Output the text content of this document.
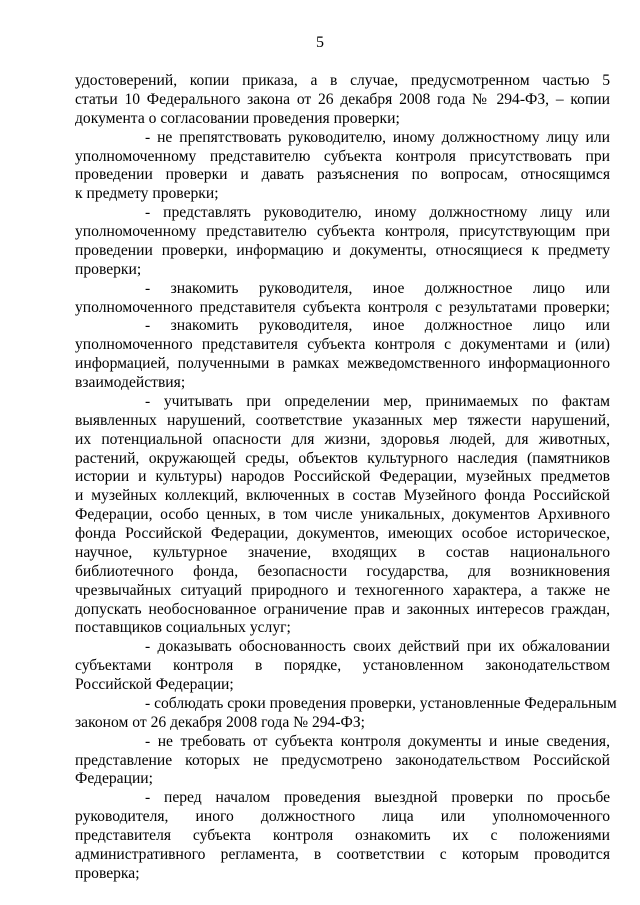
5
удостоверений, копии приказа, а в случае, предусмотренном частью 5
статьи 10 Федерального закона от 26 декабря 2008 года № 294-ФЗ, – копии
документа о согласовании проведения проверки;
- не препятствовать руководителю, иному должностному лицу или
уполномоченному представителю субъекта контроля присутствовать при
проведении проверки и давать разъяснения по вопросам, относящимся
к предмету проверки;
- представлять руководителю, иному должностному лицу или
уполномоченному представителю субъекта контроля, присутствующим при
проведении проверки, информацию и документы, относящиеся к предмету
проверки;
- знакомить руководителя, иное должностное лицо или
уполномоченного представителя субъекта контроля с результатами проверки;
- знакомить руководителя, иное должностное лицо или
уполномоченного представителя субъекта контроля с документами и (или)
информацией, полученными в рамках межведомственного информационного
взаимодействия;
- учитывать при определении мер, принимаемых по фактам
выявленных нарушений, соответствие указанных мер тяжести нарушений,
их потенциальной опасности для жизни, здоровья людей, для животных,
растений, окружающей среды, объектов культурного наследия (памятников
истории и культуры) народов Российской Федерации, музейных предметов
и музейных коллекций, включенных в состав Музейного фонда Российской
Федерации, особо ценных, в том числе уникальных, документов Архивного
фонда Российской Федерации, документов, имеющих особое историческое,
научное, культурное значение, входящих в состав национального
библиотечного фонда, безопасности государства, для возникновения
чрезвычайных ситуаций природного и техногенного характера, а также не
допускать необоснованное ограничение прав и законных интересов граждан,
поставщиков социальных услуг;
- доказывать обоснованность своих действий при их обжаловании
субъектами контроля в порядке, установленном законодательством
Российской Федерации;
- соблюдать сроки проведения проверки, установленные Федеральным
законом от 26 декабря 2008 года № 294-ФЗ;
- не требовать от субъекта контроля документы и иные сведения,
представление которых не предусмотрено законодательством Российской
Федерации;
- перед началом проведения выездной проверки по просьбе
руководителя, иного должностного лица или уполномоченного
представителя субъекта контроля ознакомить их с положениями
административного регламента, в соответствии с которым проводится
проверка;
